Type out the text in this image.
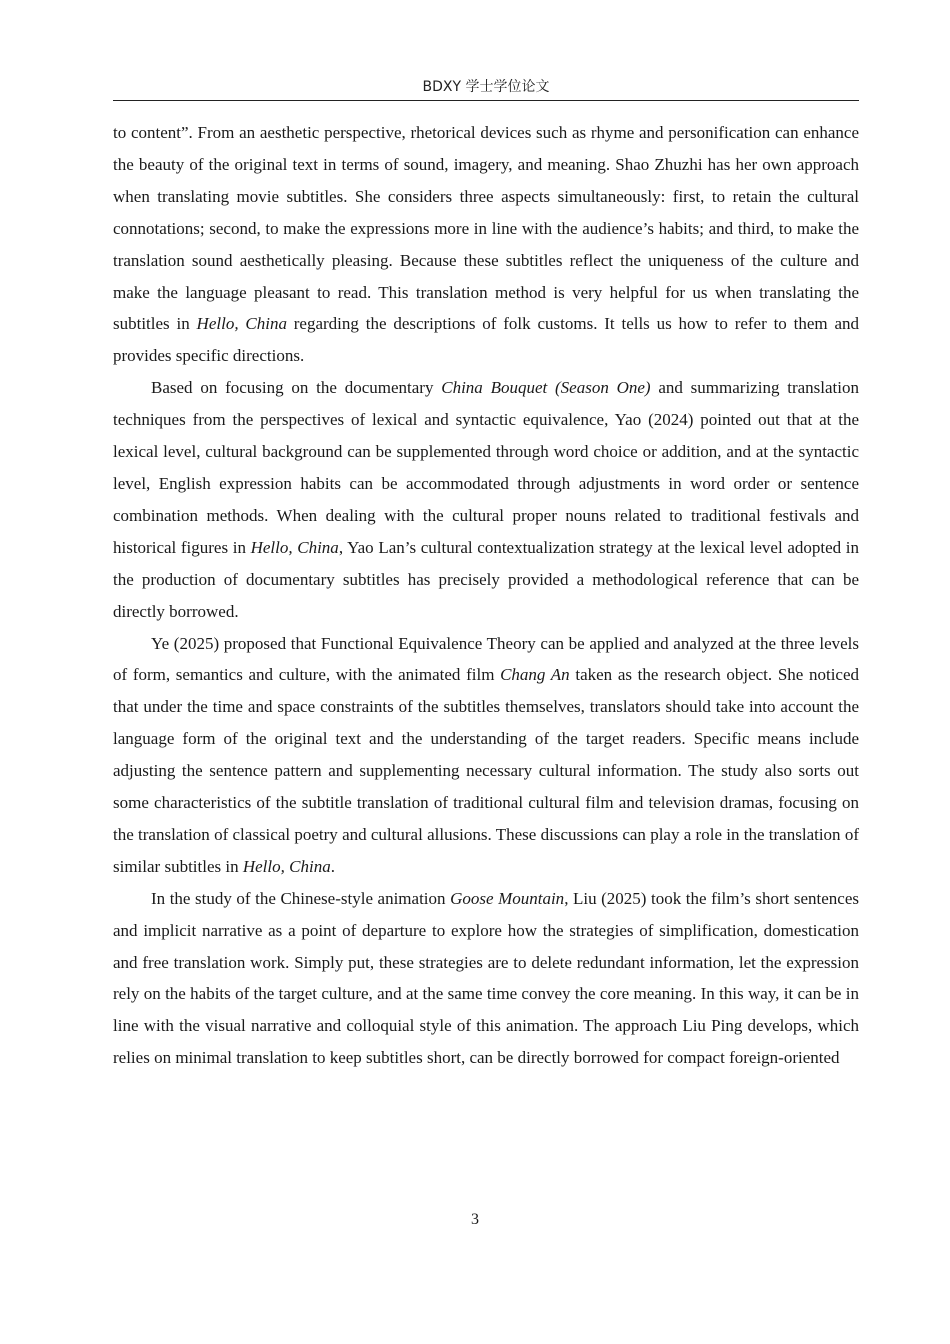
BDXY 学士学位论文

to content”. From an aesthetic perspective, rhetorical devices such as rhyme and personification can enhance the beauty of the original text in terms of sound, imagery, and meaning. Shao Zhuzhi has her own approach when translating movie subtitles. She considers three aspects simultaneously: first, to retain the cultural connotations; second, to make the expressions more in line with the audience’s habits; and third, to make the translation sound aesthetically pleasing. Because these subtitles reflect the uniqueness of the culture and make the language pleasant to read. This translation method is very helpful for us when translating the subtitles in Hello, China regarding the descriptions of folk customs. It tells us how to refer to them and provides specific directions.

Based on focusing on the documentary China Bouquet (Season One) and summarizing translation techniques from the perspectives of lexical and syntactic equivalence, Yao (2024) pointed out that at the lexical level, cultural background can be supplemented through word choice or addition, and at the syntactic level, English expression habits can be accommodated through adjustments in word order or sentence combination methods. When dealing with the cultural proper nouns related to traditional festivals and historical figures in Hello, China, Yao Lan’s cultural contextualization strategy at the lexical level adopted in the production of documentary subtitles has precisely provided a methodological reference that can be directly borrowed.

Ye (2025) proposed that Functional Equivalence Theory can be applied and analyzed at the three levels of form, semantics and culture, with the animated film Chang An taken as the research object. She noticed that under the time and space constraints of the subtitles themselves, translators should take into account the language form of the original text and the understanding of the target readers. Specific means include adjusting the sentence pattern and supplementing necessary cultural information. The study also sorts out some characteristics of the subtitle translation of traditional cultural film and television dramas, focusing on the translation of classical poetry and cultural allusions. These discussions can play a role in the translation of similar subtitles in Hello, China.

In the study of the Chinese-style animation Goose Mountain, Liu (2025) took the film’s short sentences and implicit narrative as a point of departure to explore how the strategies of simplification, domestication and free translation work. Simply put, these strategies are to delete redundant information, let the expression rely on the habits of the target culture, and at the same time convey the core meaning. In this way, it can be in line with the visual narrative and colloquial style of this animation. The approach Liu Ping develops, which relies on minimal translation to keep subtitles short, can be directly borrowed for compact foreign-oriented

3
